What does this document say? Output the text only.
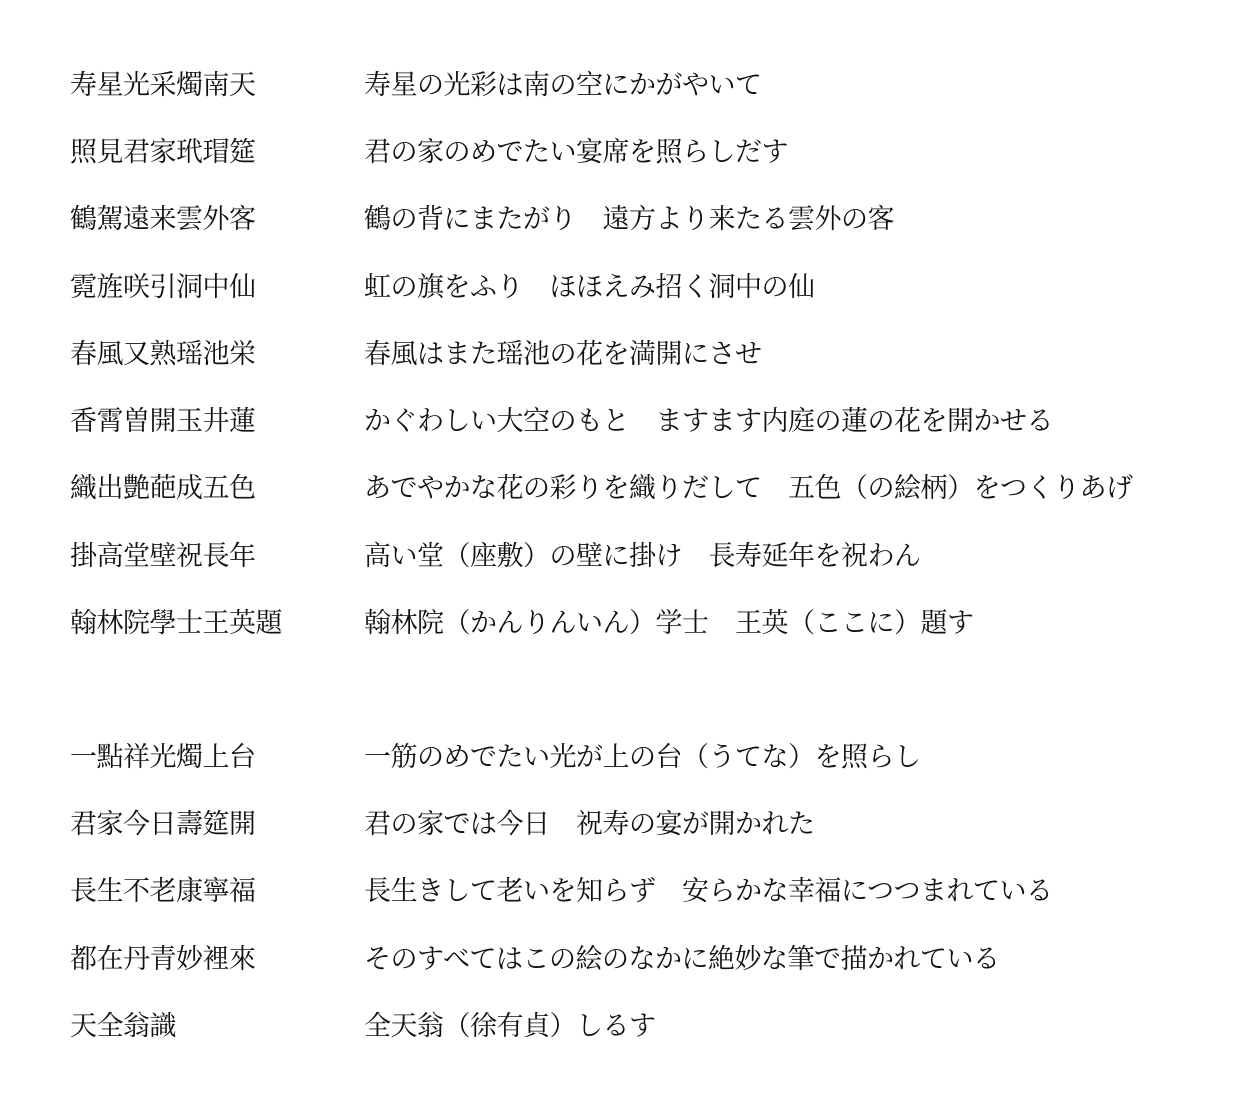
寿星光采燭南天	寿星の光彩は南の空にかがやいて
照見君家玳瑁筵	君の家のめでたい宴席を照らしだす
鶴駕遠来雲外客	鶴の背にまたがり　遠方より来たる雲外の客
霓旌咲引洞中仙	虹の旗をふり　ほほえみ招く洞中の仙
春風又熟瑶池栄	春風はまた瑶池の花を満開にさせ
香霄曽開玉井蓮	かぐわしい大空のもと　ますます内庭の蓮の花を開かせる
織出艶葩成五色	あでやかな花の彩りを織りだして　五色（の絵柄）をつくりあげ
掛高堂壁祝長年	高い堂（座敷）の壁に掛け　長寿延年を祝わん
翰林院學士王英題	翰林院（かんりんいん）学士　王英（ここに）題す
一點祥光燭上台	一筋のめでたい光が上の台（うてな）を照らし
君家今日壽筵開	君の家では今日　祝寿の宴が開かれた
長生不老康寧福	長生きして老いを知らず　安らかな幸福につつまれている
都在丹青妙裡來	そのすべてはこの絵のなかに絶妙な筆で描かれている
天全翁識	全天翁（徐有貞）しるす
